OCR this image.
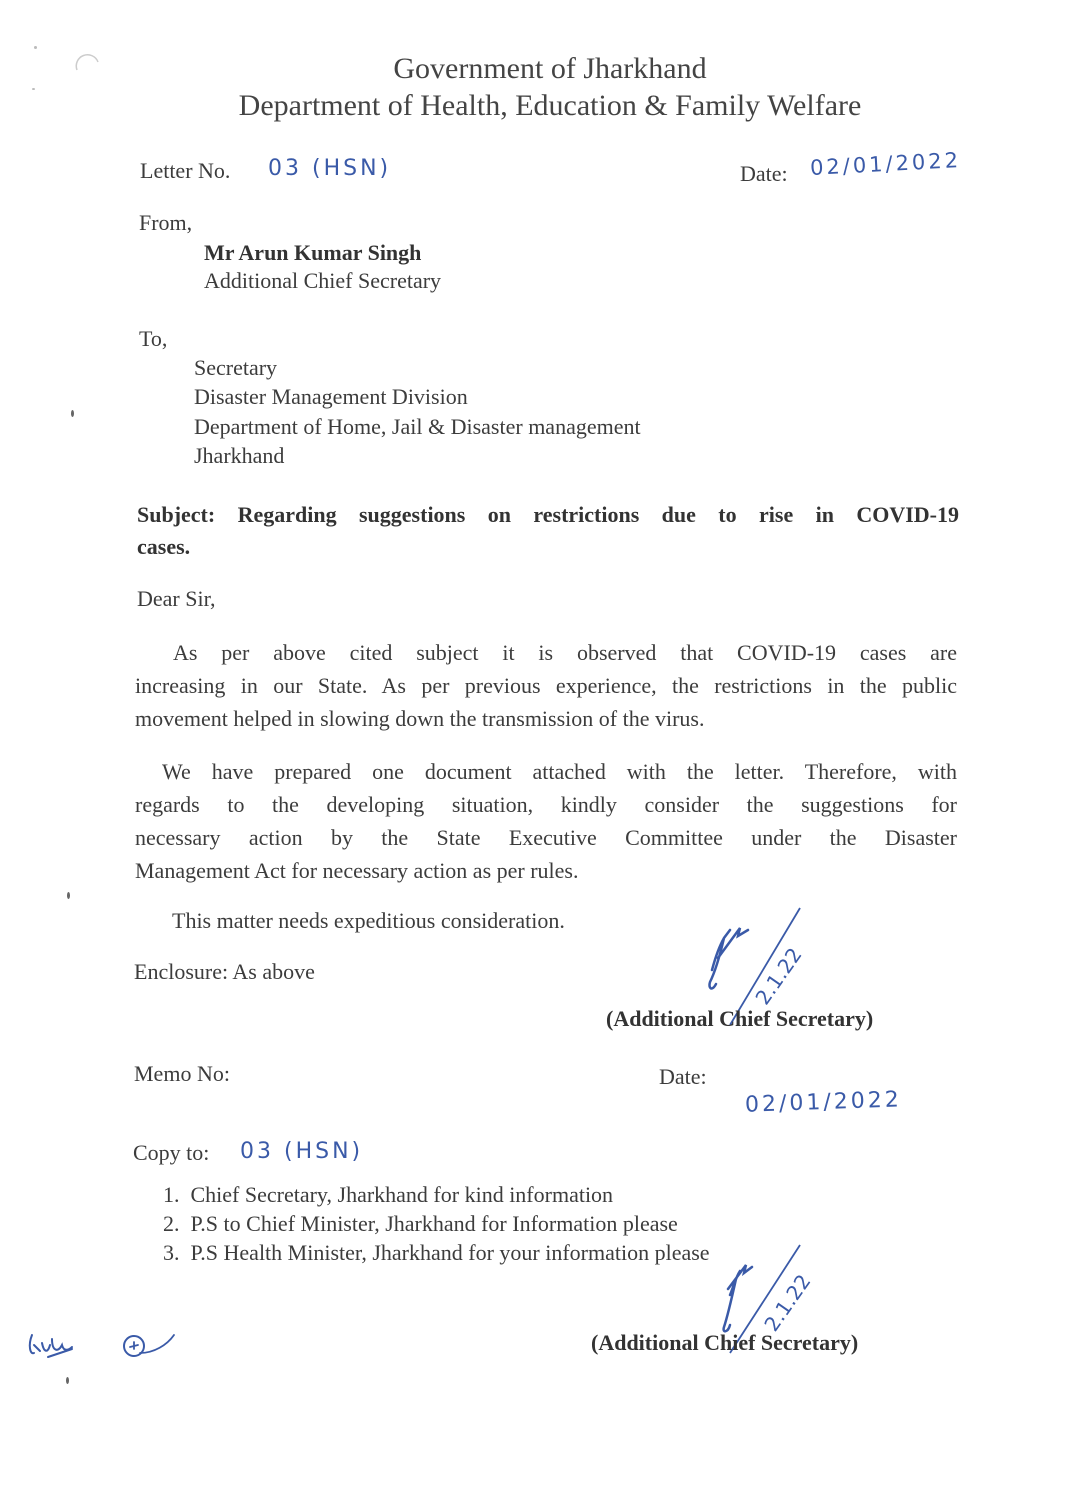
Government of Jharkhand
Department of Health, Education & Family Welfare
Letter No. 03 (HSN)	Date: 02/01/2022
From,
Mr Arun Kumar Singh
Additional Chief Secretary
To,
Secretary
Disaster Management Division
Department of Home, Jail & Disaster management
Jharkhand
Subject: Regarding suggestions on restrictions due to rise in COVID-19
cases.
Dear Sir,
As per above cited subject it is observed that COVID-19 cases are
increasing in our State. As per previous experience, the restrictions in the public
movement helped in slowing down the transmission of the virus.
We have prepared one document attached with the letter. Therefore, with
regards to the developing situation, kindly consider the suggestions for
necessary action by the State Executive Committee under the Disaster
Management Act for necessary action as per rules.
This matter needs expeditious consideration.
Enclosure: As above	2.1.22
(Additional Chief Secretary)
Memo No:	Date:
02/01/2022
Copy to: 03 (HSN)
1.  Chief Secretary, Jharkhand for kind information
2.  P.S to Chief Minister, Jharkhand for Information please
3.  P.S Health Minister, Jharkhand for your information please
2.1.22
(Additional Chief Secretary)
